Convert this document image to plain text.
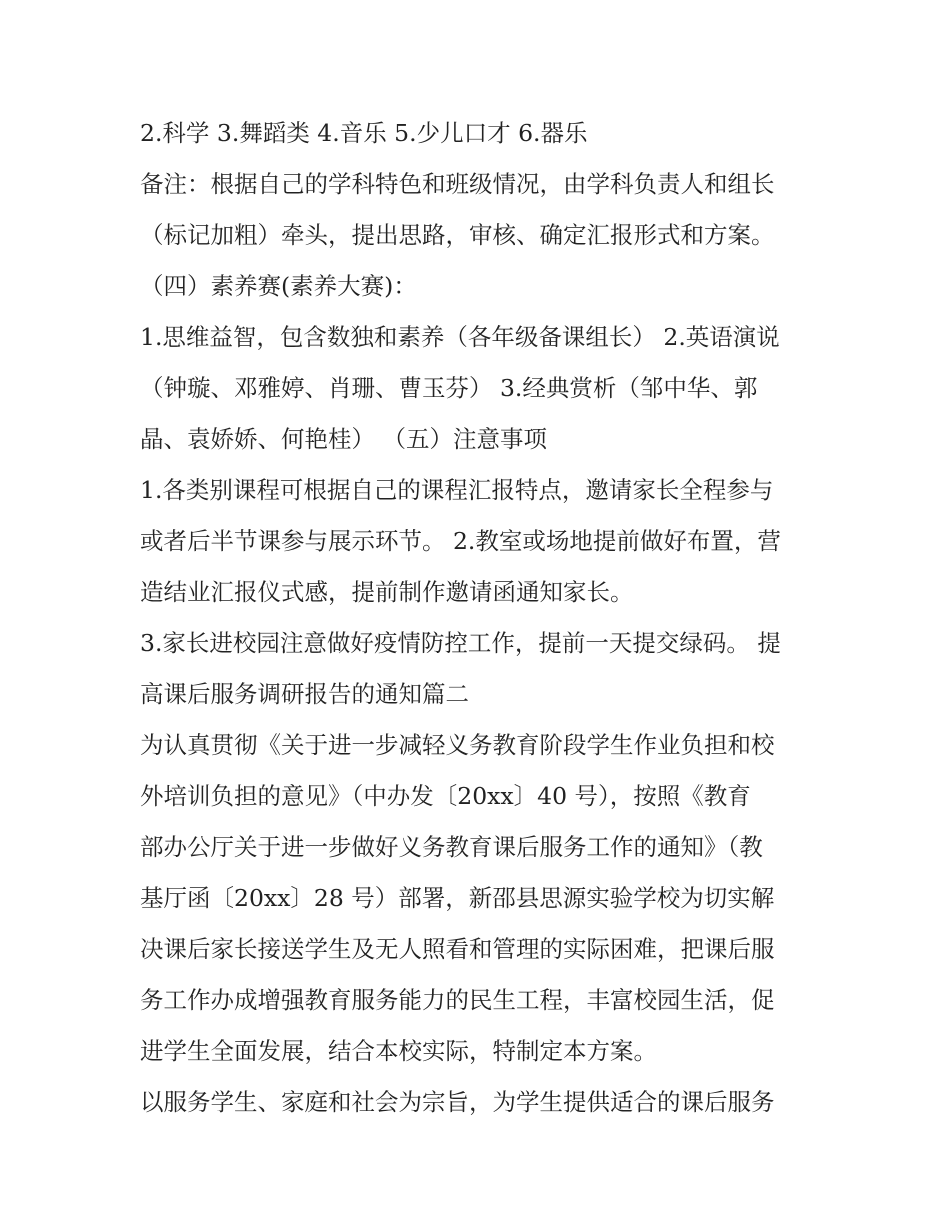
2.科学 3.舞蹈类 4.音乐 5.少儿口才 6.器乐

备注：根据自己的学科特色和班级情况，由学科负责人和组长

（标记加粗）牵头，提出思路，审核、确定汇报形式和方案。

（四）素养赛(素养大赛)：

1.思维益智，包含数独和素养（各年级备课组长） 2.英语演说

（钟璇、邓雅婷、肖珊、曹玉芬） 3.经典赏析（邹中华、郭

晶、袁娇娇、何艳桂） （五）注意事项

1.各类别课程可根据自己的课程汇报特点，邀请家长全程参与

或者后半节课参与展示环节。 2.教室或场地提前做好布置，营

造结业汇报仪式感，提前制作邀请函通知家长。

3.家长进校园注意做好疫情防控工作，提前一天提交绿码。 提

高课后服务调研报告的通知篇二

为认真贯彻《关于进一步减轻义务教育阶段学生作业负担和校

外培训负担的意见》（中办发〔20xx〕40 号），按照《教育

部办公厅关于进一步做好义务教育课后服务工作的通知》（教

基厅函〔20xx〕28 号）部署，新邵县思源实验学校为切实解

决课后家长接送学生及无人照看和管理的实际困难，把课后服

务工作办成增强教育服务能力的民生工程，丰富校园生活，促

进学生全面发展，结合本校实际，特制定本方案。

以服务学生、家庭和社会为宗旨，为学生提供适合的课后服务
